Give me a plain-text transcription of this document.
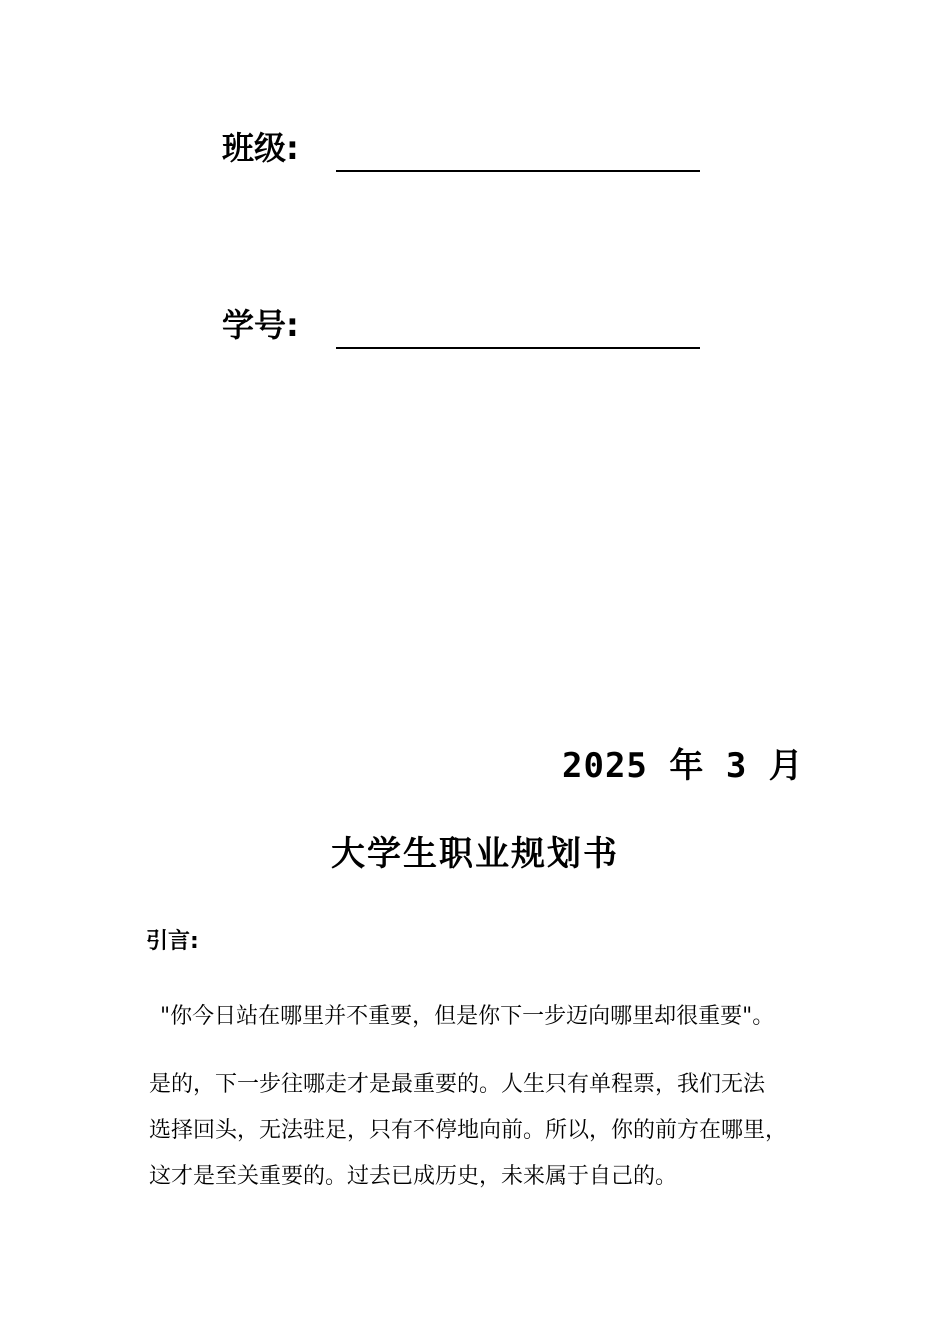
班级:
学号:
2025 年 3 月
大学生职业规划书
引言:
"你今日站在哪里并不重要，但是你下一步迈向哪里却很重要"。
是的，下一步往哪走才是最重要的。人生只有单程票，我们无法
选择回头，无法驻足，只有不停地向前。所以，你的前方在哪里，
这才是至关重要的。过去已成历史，未来属于自己的。
